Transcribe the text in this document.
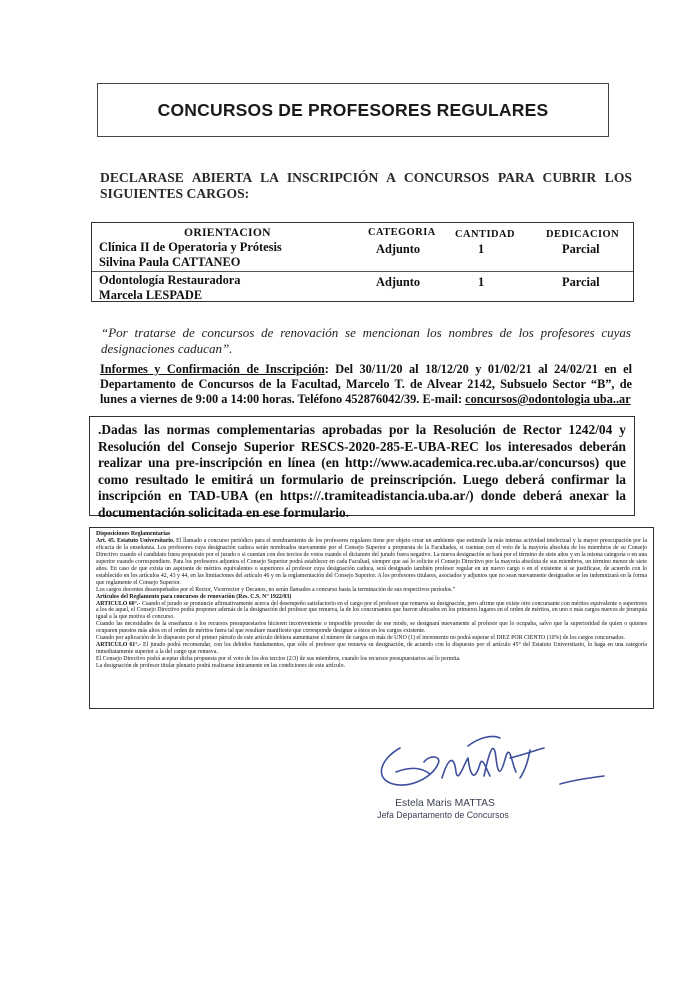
CONCURSOS DE PROFESORES REGULARES
DECLARASE ABIERTA LA INSCRIPCIÓN A CONCURSOS PARA CUBRIR LOS SIGUIENTES CARGOS:
ORIENTACION	CATEGORIA CANTIDAD	DEDICACION
Clínica II de Operatoria y Prótesis
Silvina Paula CATTANEO
Adjunto	1	Parcial
Odontología Restauradora
Marcela LESPADE
Adjunto	1	Parcial
“Por tratarse de concursos de renovación se mencionan los nombres de los profesores cuyas designaciones caducan”.
Informes y Confirmación de Inscripción: Del 30/11/20 al 18/12/20 y 01/02/21 al 24/02/21 en el Departamento de Concursos de la Facultad, Marcelo T. de Alvear 2142, Subsuelo Sector “B”, de lunes a viernes de 9:00 a 14:00 horas. Teléfono 452876042/39. E-mail: concursos@odontologia uba..ar
.Dadas las normas complementarias aprobadas por la Resolución de Rector 1242/04 y Resolución del Consejo Superior RESCS-2020-285-E-UBA-REC los interesados deberán realizar una pre-inscripción en línea (en http://www.academica.rec.uba.ar/concursos) que como resultado le emitirá un formulario de preinscripción. Luego deberá confirmar la inscripción en TAD-UBA (en https://.tramiteadistancia.uba.ar/) donde deberá anexar la documentación solicitada en ese formulario.

Disposiciones Reglamentarias

Art. 45. Estatuto Universitario. El llamado a concurso periódico para el nombramiento de los profesores regulares tiene por objeto crear un ambiente que estimule la más intensa actividad intelectual y la mayor preocupación por la eficacia de la enseñanza. Los profesores cuya designación caduca serán nombrados nuevamente por el Consejo Superior a propuesta de la Facultades, si cuentan con el voto de la mayoría absoluta de los miembros de su Consejo Directivo cuando el candidato fuera propuesto por el jurado o si cuentan con dos tercios de votos cuando el dictamen del jurado fuera negativo. La nueva designación se hará por el término de siete años y en la misma categoría o en una superior cuando correspondiere. Para los profesores adjuntos el Consejo Superior podrá establecer en cada Facultad, siempre que así lo solicite el Consejo Directivo por la mayoría absoluta de sus miembros, un término menor de siete años. En caso de que exista un aspirante de méritos equivalentes o superiores al profesor cuya designación caduca, será designado también profesor regular en un nuevo cargo o en el existente si se justificase, de acuerdo con lo establecido en los artículos 42, 43 y 44, en las limitaciones del artículo 46 y en la reglamentación del Consejo Superior. A los profesores titulares, asociados y adjuntos que no sean nuevamente designados se les indemnizará en la forma que reglamente el Consejo Superior.

Los cargos docentes desempeñados por el Rector, Vicerrector y Decanos, no serán llamados a concurso hasta la terminación de sus respectivos períodos.”

Artículos del Reglamento para concursos de renovación (Res. C.S. N° 1922/03)

ARTICULO 60°.- Cuando el jurado se pronuncie afirmativamente acerca del desempeño satisfactorio en el cargo por el profesor que renueva su designación, pero afirme que existe otro concursante con méritos equivalente o superiores a los de aquel, el Consejo Directivo podrá proponer además de la designación del profesor que renueva, la de los concursantes que fueron ubicados en los primeros lugares en el orden de méritos, en uno o más cargos nuevos de jerarquía igual a la que motiva el concurso.

Cuando las necesidades de la enseñanza o los recursos presupuestarios hicieren inconveniente o imposible proceder de ese modo, se designará nuevamente al profesor que lo ocupaba, salvo que la superioridad de quien o quienes ocuparen puestos más altos en el orden de méritos fuera tal que resultare manifiesto que corresponde designar a éstos en los cargos existente.

Cuando por aplicación de lo dispuesto por el primer párrafo de este artículo debiera aumentarse el número de cargos en más de UNO (1) el incremento no podrá superar el DIEZ POR CIENTO (10%) de los cargos concursados.

ARTICULO 61°.- El jurado podrá recomendar, con los debidos fundamentos, que sólo el profesor que renueva su designación, de acuerdo con lo dispuesto por el artículo 45° del Estatuto Universitario, lo haga en una categoría inmediatamente superior a la del cargo que renueva.

El Consejo Directivo podrá aceptar dicha propuesta por el voto de los dos tercios (2/3) de sus miembros, cuando los recursos presupuestarios así lo permita.

La designación de profesor titular plenario podrá realizarse únicamente en las condiciones de este artículo.

Estela Maris MATTAS
Jefa Departamento de Concursos
